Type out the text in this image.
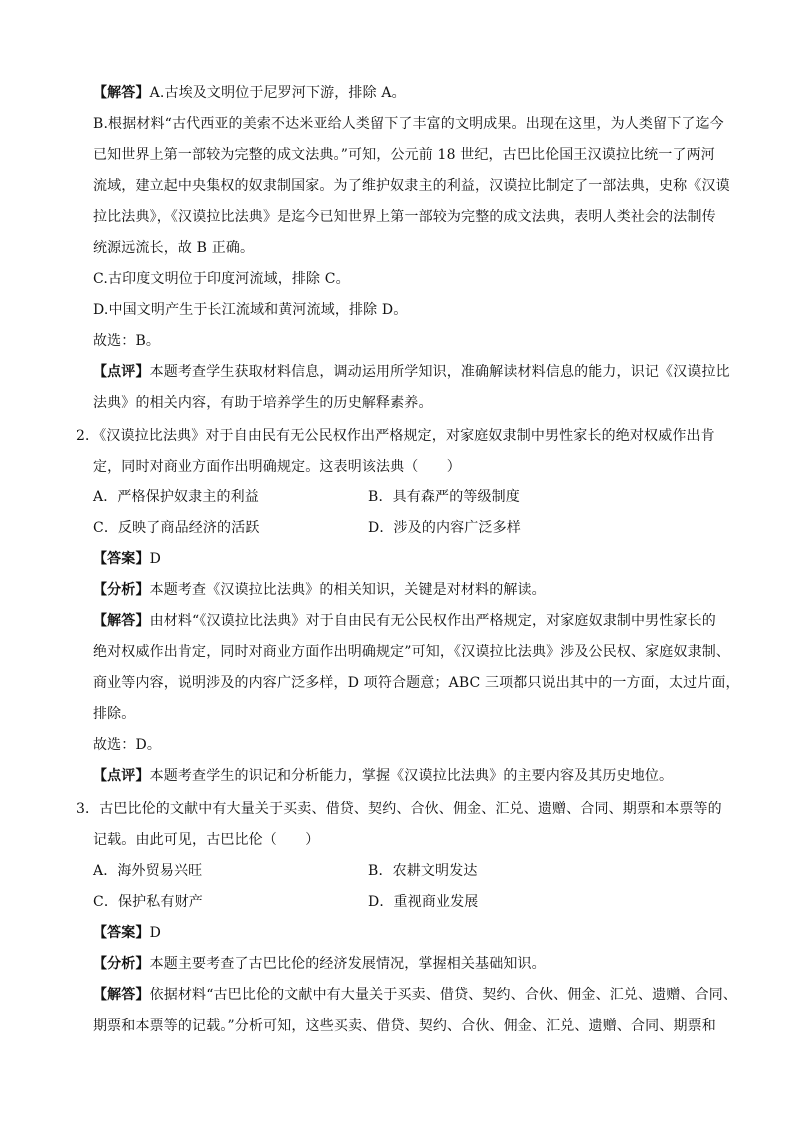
【解答】A.古埃及文明位于尼罗河下游，排除 A。
B.根据材料“古代西亚的美索不达米亚给人类留下了丰富的文明成果。出现在这里，为人类留下了迄今
已知世界上第一部较为完整的成文法典。”可知，公元前 18 世纪，古巴比伦国王汉谟拉比统一了两河
流域，建立起中央集权的奴隶制国家。为了维护奴隶主的利益，汉谟拉比制定了一部法典，史称《汉谟
拉比法典》，《汉谟拉比法典》是迄今已知世界上第一部较为完整的成文法典，表明人类社会的法制传
统源远流长，故 B 正确。
C.古印度文明位于印度河流域，排除 C。
D.中国文明产生于长江流域和黄河流域，排除 D。
故选：B。
【点评】本题考查学生获取材料信息，调动运用所学知识，准确解读材料信息的能力，识记《汉谟拉比
法典》的相关内容，有助于培养学生的历史解释素养。
2．《汉谟拉比法典》对于自由民有无公民权作出严格规定，对家庭奴隶制中男性家长的绝对权威作出肯
定，同时对商业方面作出明确规定。这表明该法典（　　）
A．严格保护奴隶主的利益	B．具有森严的等级制度
C．反映了商品经济的活跃	D．涉及的内容广泛多样
【答案】D
【分析】本题考查《汉谟拉比法典》的相关知识，关键是对材料的解读。
【解答】由材料“《汉谟拉比法典》对于自由民有无公民权作出严格规定，对家庭奴隶制中男性家长的
绝对权威作出肯定，同时对商业方面作出明确规定”可知，《汉谟拉比法典》涉及公民权、家庭奴隶制、
商业等内容，说明涉及的内容广泛多样，D 项符合题意；ABC 三项都只说出其中的一方面，太过片面，
排除。
故选：D。
【点评】本题考查学生的识记和分析能力，掌握《汉谟拉比法典》的主要内容及其历史地位。
3．古巴比伦的文献中有大量关于买卖、借贷、契约、合伙、佣金、汇兑、遗赠、合同、期票和本票等的
记载。由此可见，古巴比伦（　　）
A．海外贸易兴旺	B．农耕文明发达
C．保护私有财产	D．重视商业发展
【答案】D
【分析】本题主要考查了古巴比伦的经济发展情况，掌握相关基础知识。
【解答】依据材料“古巴比伦的文献中有大量关于买卖、借贷、契约、合伙、佣金、汇兑、遗赠、合同、
期票和本票等的记载。”分析可知，这些买卖、借贷、契约、合伙、佣金、汇兑、遗赠、合同、期票和
